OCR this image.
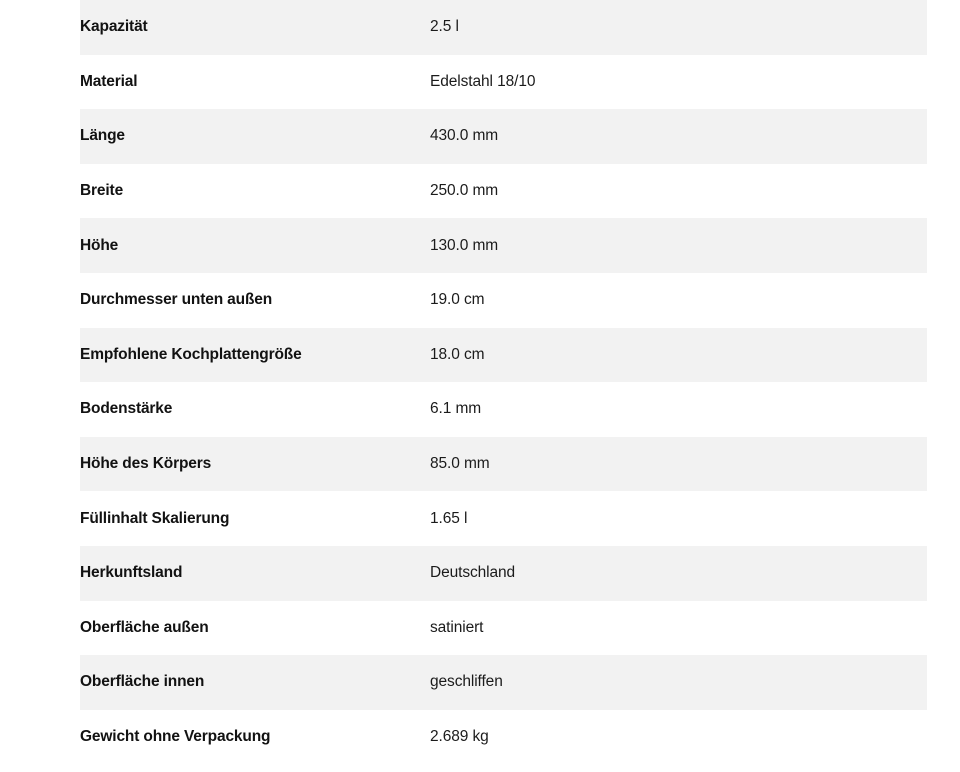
Kapazität	2.5 l
Material	Edelstahl 18/10
Länge	430.0 mm
Breite	250.0 mm
Höhe	130.0 mm
Durchmesser unten außen	19.0 cm
Empfohlene Kochplattengröße	18.0 cm
Bodenstärke	6.1 mm
Höhe des Körpers	85.0 mm
Füllinhalt Skalierung	1.65 l
Herkunftsland	Deutschland
Oberfläche außen	satiniert
Oberfläche innen	geschliffen
Gewicht ohne Verpackung	2.689 kg
